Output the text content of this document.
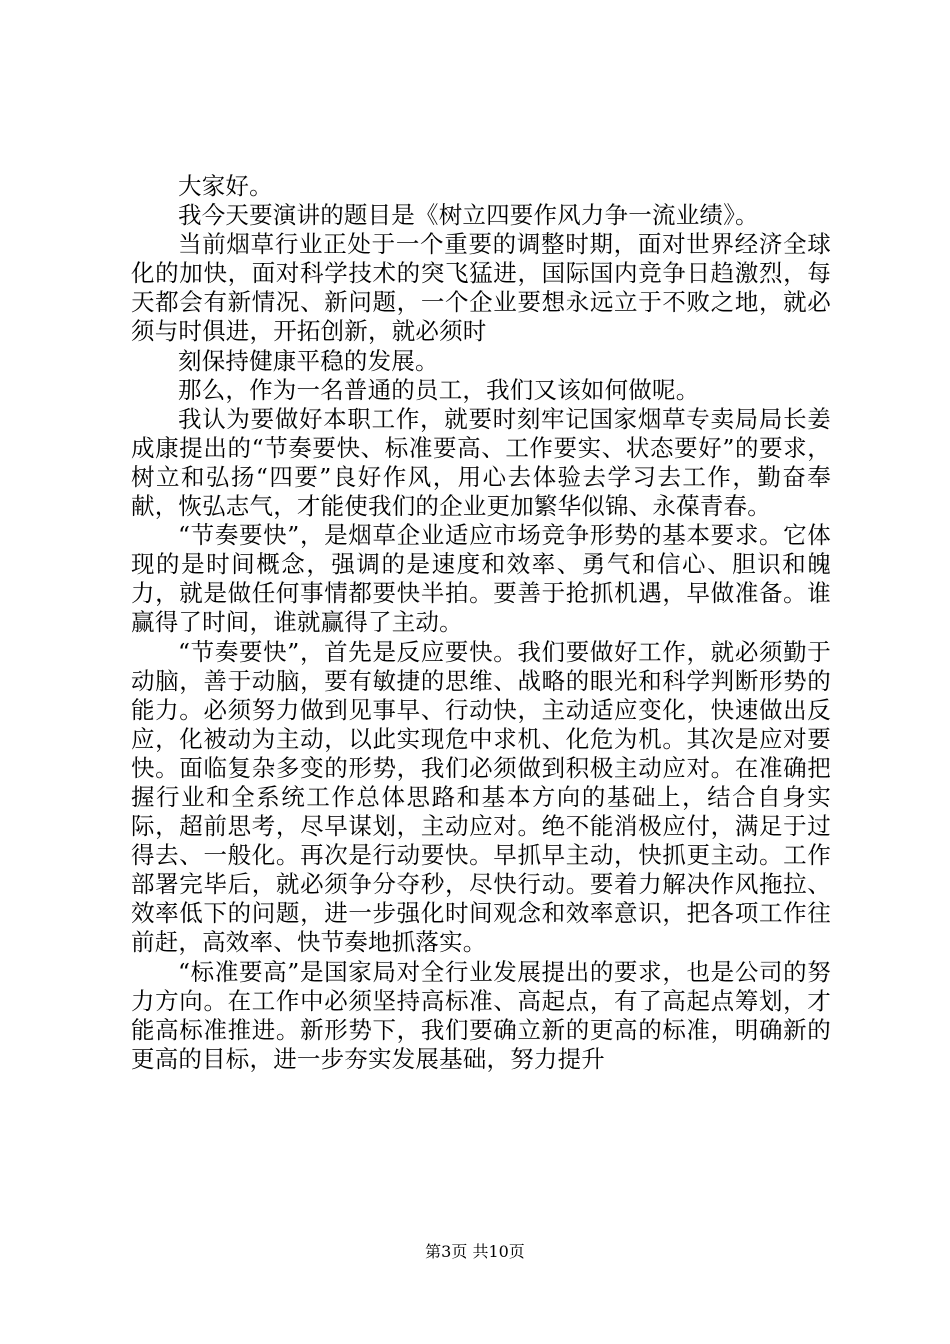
大家好。

我今天要演讲的题目是《树立四要作风力争一流业绩》。

当前烟草行业正处于一个重要的调整时期，面对世界经济全球化的加快，面对科学技术的突飞猛进，国际国内竞争日趋激烈，每天都会有新情况、新问题，一个企业要想永远立于不败之地，就必须与时俱进，开拓创新，就必须时

刻保持健康平稳的发展。

那么，作为一名普通的员工，我们又该如何做呢。

我认为要做好本职工作，就要时刻牢记国家烟草专卖局局长姜成康提出的“节奏要快、标准要高、工作要实、状态要好”的要求，树立和弘扬“四要”良好作风，用心去体验去学习去工作，勤奋奉献，恢弘志气，才能使我们的企业更加繁华似锦、永葆青春。

“节奏要快”，是烟草企业适应市场竞争形势的基本要求。它体现的是时间概念，强调的是速度和效率、勇气和信心、胆识和魄力，就是做任何事情都要快半拍。要善于抢抓机遇，早做准备。谁赢得了时间，谁就赢得了主动。

“节奏要快”，首先是反应要快。我们要做好工作，就必须勤于动脑，善于动脑，要有敏捷的思维、战略的眼光和科学判断形势的能力。必须努力做到见事早、行动快，主动适应变化，快速做出反应，化被动为主动，以此实现危中求机、化危为机。其次是应对要快。面临复杂多变的形势，我们必须做到积极主动应对。在准确把握行业和全系统工作总体思路和基本方向的基础上，结合自身实际，超前思考，尽早谋划，主动应对。绝不能消极应付，满足于过得去、一般化。再次是行动要快。早抓早主动，快抓更主动。工作部署完毕后，就必须争分夺秒，尽快行动。要着力解决作风拖拉、效率低下的问题，进一步强化时间观念和效率意识，把各项工作往前赶，高效率、快节奏地抓落实。

“标准要高”是国家局对全行业发展提出的要求，也是公司的努力方向。在工作中必须坚持高标准、高起点，有了高起点筹划，才能高标准推进。新形势下，我们要确立新的更高的标准，明确新的更高的目标，进一步夯实发展基础，努力提升

第3页 共10页
